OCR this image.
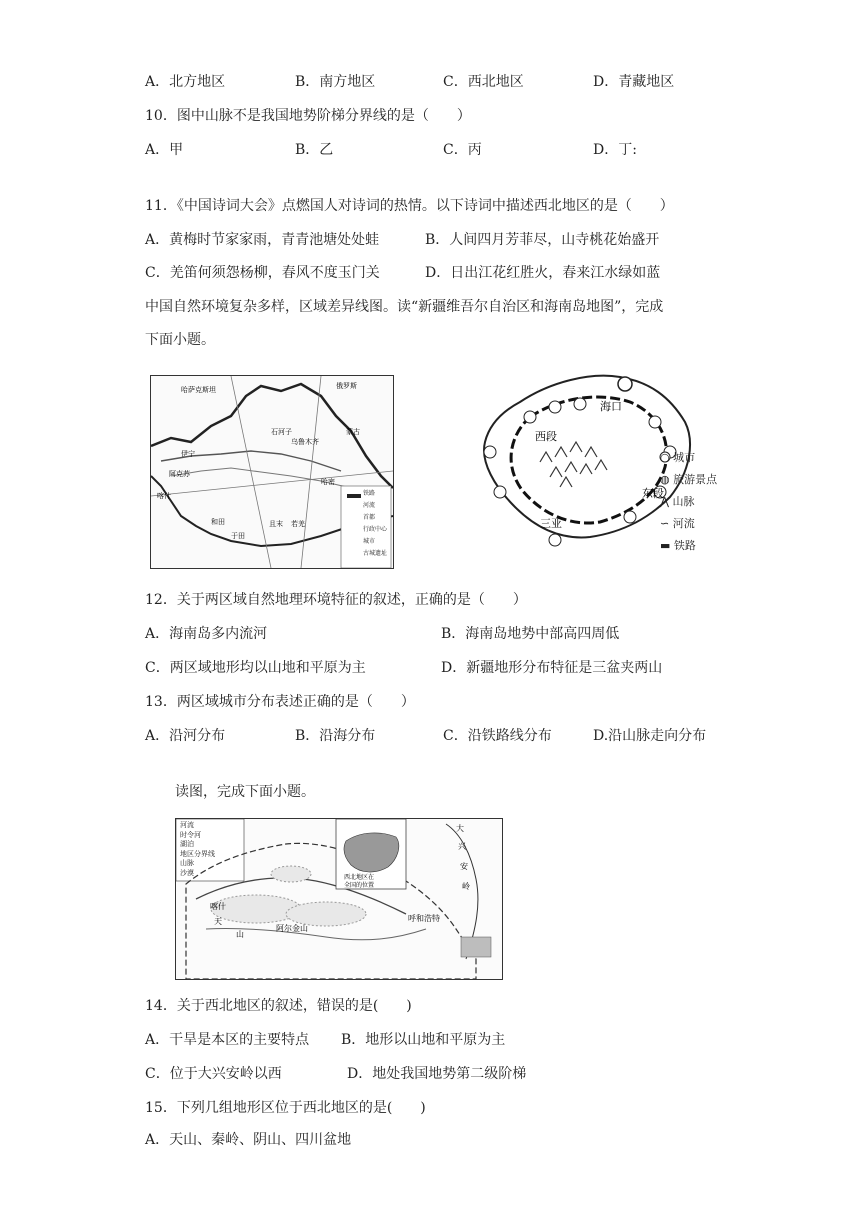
A．北方地区	B．南方地区	C．西北地区	D．青藏地区
10．图中山脉不是我国地势阶梯分界线的是（　　）
A．甲	B．乙	C．丙	D．丁:
11．《中国诗词大会》点燃国人对诗词的热情。以下诗词中描述西北地区的是（　　）
A．黄梅时节家家雨，青青池塘处处蛙	B．人间四月芳菲尽，山寺桃花始盛开
C．羌笛何须怨杨柳，春风不度玉门关	D．日出江花红胜火，春来江水绿如蓝
中国自然环境复杂多样，区域差异线图。读“新疆维吾尔自治区和海南岛地图”，完成
下面小题。
哈萨克斯坦	俄罗斯
蒙古
石河子
乌鲁木齐
哈密
喀什
和田
于田
若羌
伊宁
阿克苏
且末
铁路
河流
首都
行政中心
城市
古城遗址
海口
西段
东段
三亚
○ 城市
◍ 旅游景点
⋀ 山脉
∽ 河流
▬ 铁路
12．关于两区域自然地理环境特征的叙述，正确的是（　　）
A．海南岛多内流河	B．海南岛地势中部高四周低
C．两区域地形均以山地和平原为主	D．新疆地形分布特征是三盆夹两山
13．两区域城市分布表述正确的是（　　）
A．沿河分布	B．沿海分布	C．沿铁路线分布	D.沿山脉走向分布
读图，完成下面小题。
喀什
天
山
阿尔金山
呼和浩特
大
兴
安
岭
西北地区在
全国的位置
河流
时令河
湖泊
地区分界线
山脉
沙漠
14．关于西北地区的叙述，错误的是(　　)
A．干旱是本区的主要特点 B．地形以山地和平原为主
C．位于大兴安岭以西	D．地处我国地势第二级阶梯
15．下列几组地形区位于西北地区的是(　　)
A．天山、秦岭、阴山、四川盆地
